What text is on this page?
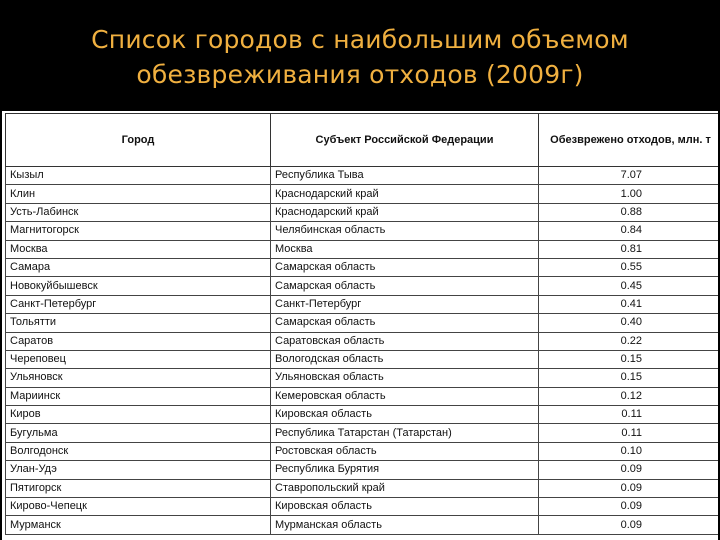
Список городов с наибольшим объемом
обезвреживания отходов (2009г)
Город	Субъект Российской Федерации	Обезврежено отходов, млн. т
Кызыл	Республика Тыва	7.07
Клин	Краснодарский край	1.00
Усть-Лабинск	Краснодарский край	0.88
Магнитогорск	Челябинская область	0.84
Москва	Москва	0.81
Самара	Самарская область	0.55
Новокуйбышевск	Самарская область	0.45
Санкт-Петербург	Санкт-Петербург	0.41
Тольятти	Самарская область	0.40
Саратов	Саратовская область	0.22
Череповец	Вологодская область	0.15
Ульяновск	Ульяновская область	0.15
Мариинск	Кемеровская область	0.12
Киров	Кировская область	0.11
Бугульма	Республика Татарстан (Татарстан)	0.11
Волгодонск	Ростовская область	0.10
Улан-Удэ	Республика Бурятия	0.09
Пятигорск	Ставропольский край	0.09
Кирово-Чепецк	Кировская область	0.09
Мурманск	Мурманская область	0.09
